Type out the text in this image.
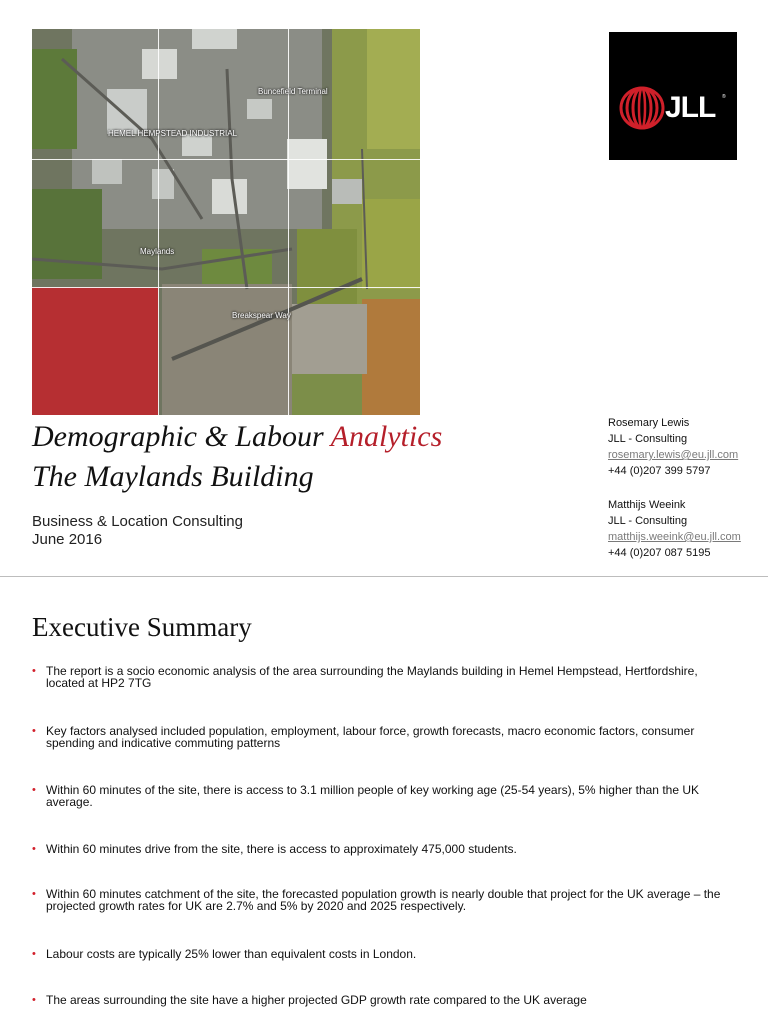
HEMEL HEMPSTEAD INDUSTRIAL
Buncefield Terminal
Maylands
Breakspear Way
JLL ®
Demographic & Labour Analytics
The Maylands Building
Business & Location Consulting
June 2016
Rosemary Lewis
JLL - Consulting
rosemary.lewis@eu.jll.com
+44 (0)207 399 5797
Matthijs Weeink
JLL - Consulting
matthijs.weeink@eu.jll.com
+44 (0)207 087 5195
Executive Summary
• The report is a socio economic analysis of the area surrounding the Maylands building in Hemel Hempstead, Hertfordshire,
located at HP2 7TG
• Key factors analysed included population, employment, labour force, growth forecasts, macro economic factors, consumer
spending and indicative commuting patterns
• Within 60 minutes of the site, there is access to 3.1 million people of key working age (25-54 years), 5% higher than the UK
average.
• Within 60 minutes drive from the site, there is access to approximately 475,000 students.
• Within 60 minutes catchment of the site, the forecasted population growth is nearly double that project for the UK average – the
projected growth rates for UK are 2.7% and 5% by 2020 and 2025 respectively.
• Labour costs are typically 25% lower than equivalent costs in London.
• The areas surrounding the site have a higher projected GDP growth rate compared to the UK average
